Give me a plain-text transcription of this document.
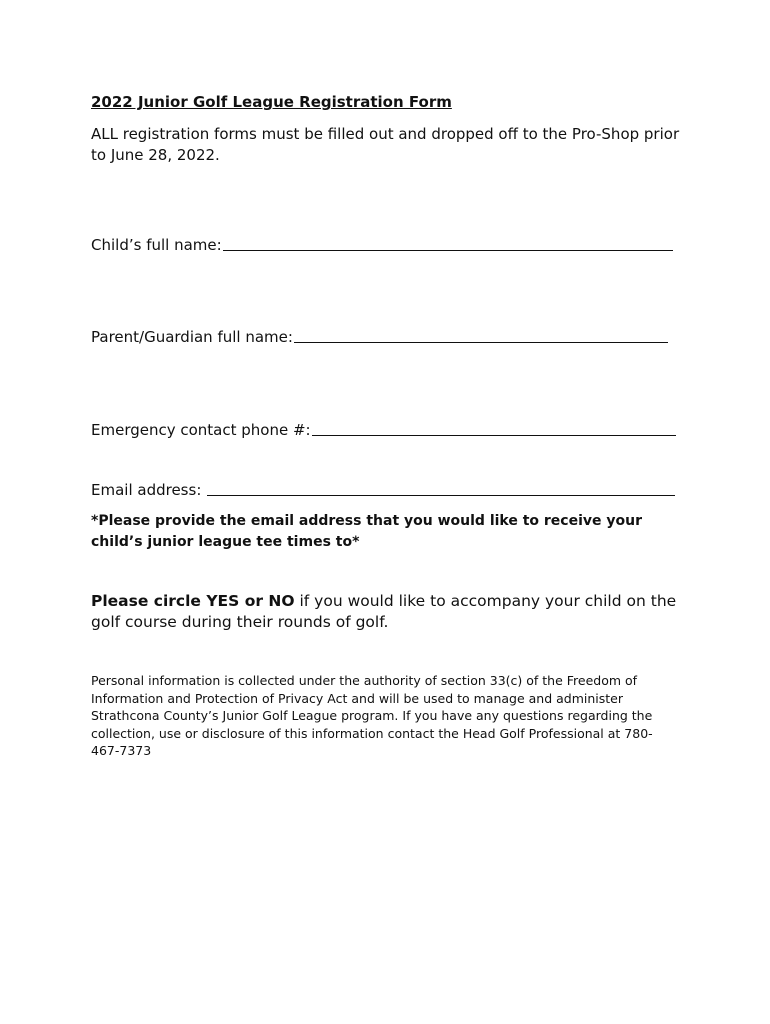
2022 Junior Golf League Registration Form
ALL registration forms must be filled out and dropped off to the Pro-Shop prior to June 28, 2022.
Child’s full name:
Parent/Guardian full name:
Emergency contact phone #:
Email address:
*Please provide the email address that you would like to receive your child’s junior league tee times to*
Please circle YES or NO if you would like to accompany your child on the golf course during their rounds of golf.
Personal information is collected under the authority of section 33(c) of the Freedom of Information and Protection of Privacy Act and will be used to manage and administer Strathcona County’s Junior Golf League program. If you have any questions regarding the collection, use or disclosure of this information contact the Head Golf Professional at 780-467-7373
